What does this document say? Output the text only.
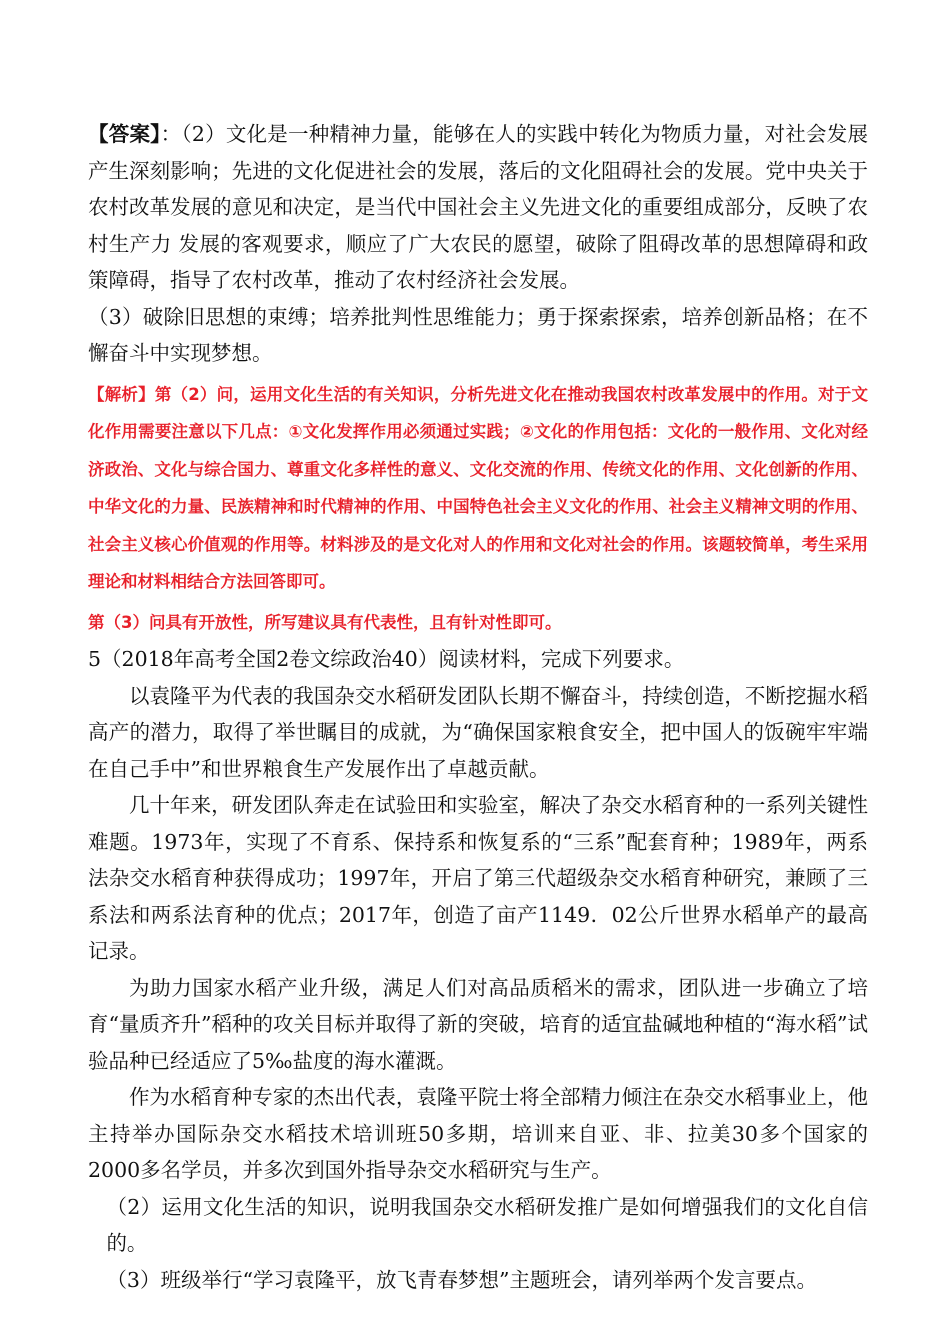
【答案】：（2）文化是一种精神力量，能够在人的实践中转化为物质力量，对社会发展产生深刻影响；先进的文化促进社会的发展，落后的文化阻碍社会的发展。党中央关于农村改革发展的意见和决定，是当代中国社会主义先进文化的重要组成部分，反映了农村生产力 发展的客观要求，顺应了广大农民的愿望，破除了阻碍改革的思想障碍和政策障碍，指导了农村改革，推动了农村经济社会发展。

（3）破除旧思想的束缚；培养批判性思维能力；勇于探索探索，培养创新品格；在不懈奋斗中实现梦想。

【解析】第（2）问，运用文化生活的有关知识，分析先进文化在推动我国农村改革发展中的作用。对于文化作用需要注意以下几点：①文化发挥作用必须通过实践；②文化的作用包括：文化的一般作用、文化对经济政治、文化与综合国力、尊重文化多样性的意义、文化交流的作用、传统文化的作用、文化创新的作用、中华文化的力量、民族精神和时代精神的作用、中国特色社会主义文化的作用、社会主义精神文明的作用、社会主义核心价值观的作用等。材料涉及的是文化对人的作用和文化对社会的作用。该题较简单，考生采用理论和材料相结合方法回答即可。

第（3）问具有开放性，所写建议具有代表性，且有针对性即可。

5（2018年高考全国2卷文综政治40）阅读材料，完成下列要求。

以袁隆平为代表的我国杂交水稻研发团队长期不懈奋斗，持续创造，不断挖掘水稻高产的潜力，取得了举世瞩目的成就，为“确保国家粮食安全，把中国人的饭碗牢牢端在自己手中”和世界粮食生产发展作出了卓越贡献。

几十年来，研发团队奔走在试验田和实验室，解决了杂交水稻育种的一系列关键性难题。1973年，实现了不育系、保持系和恢复系的“三系”配套育种；1989年，两系法杂交水稻育种获得成功；1997年，开启了第三代超级杂交水稻育种研究，兼顾了三系法和两系法育种的优点；2017年，创造了亩产1149．02公斤世界水稻单产的最高记录。

为助力国家水稻产业升级，满足人们对高品质稻米的需求，团队进一步确立了培育“量质齐升”稻种的攻关目标并取得了新的突破，培育的适宜盐碱地种植的“海水稻”试验品种已经适应了5‰盐度的海水灌溉。

作为水稻育种专家的杰出代表，袁隆平院士将全部精力倾注在杂交水稻事业上，他主持举办国际杂交水稻技术培训班50多期，培训来自亚、非、拉美30多个国家的2000多名学员，并多次到国外指导杂交水稻研究与生产。

（2）运用文化生活的知识，说明我国杂交水稻研发推广是如何增强我们的文化自信的。

（3）班级举行“学习袁隆平，放飞青春梦想”主题班会，请列举两个发言要点。
